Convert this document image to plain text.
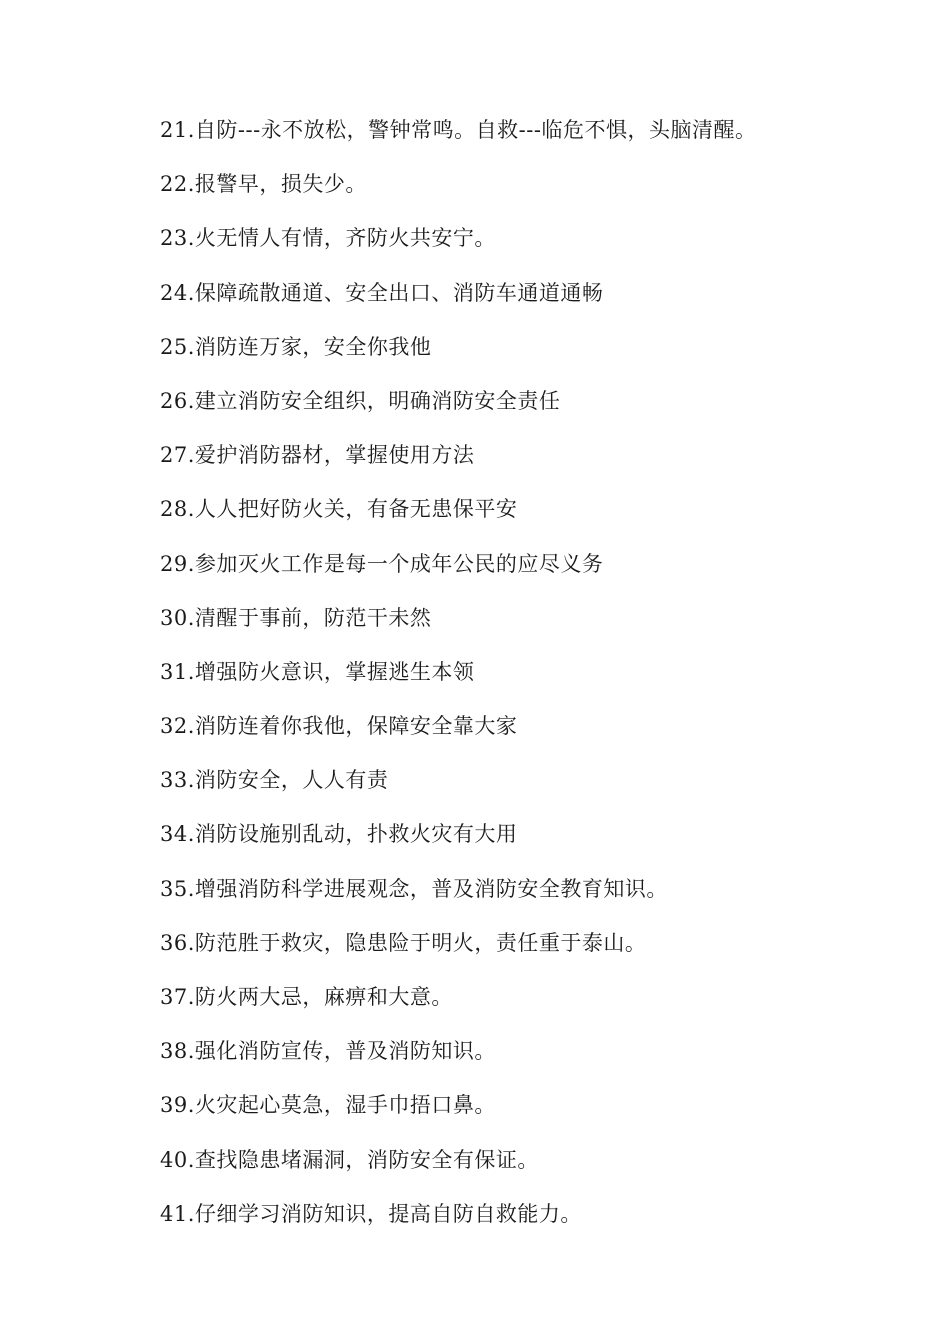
21.自防---永不放松，警钟常鸣。自救---临危不惧，头脑清醒。
22.报警早，损失少。
23.火无情人有情，齐防火共安宁。
24.保障疏散通道、安全出口、消防车通道通畅
25.消防连万家，安全你我他
26.建立消防安全组织，明确消防安全责任
27.爱护消防器材，掌握使用方法
28.人人把好防火关，有备无患保平安
29.参加灭火工作是每一个成年公民的应尽义务
30.清醒于事前，防范干未然
31.增强防火意识，掌握逃生本领
32.消防连着你我他，保障安全靠大家
33.消防安全，人人有责
34.消防设施别乱动，扑救火灾有大用
35.增强消防科学进展观念，普及消防安全教育知识。
36.防范胜于救灾，隐患险于明火，责任重于泰山。
37.防火两大忌，麻痹和大意。
38.强化消防宣传，普及消防知识。
39.火灾起心莫急，湿手巾捂口鼻。
40.查找隐患堵漏洞，消防安全有保证。
41.仔细学习消防知识，提高自防自救能力。
